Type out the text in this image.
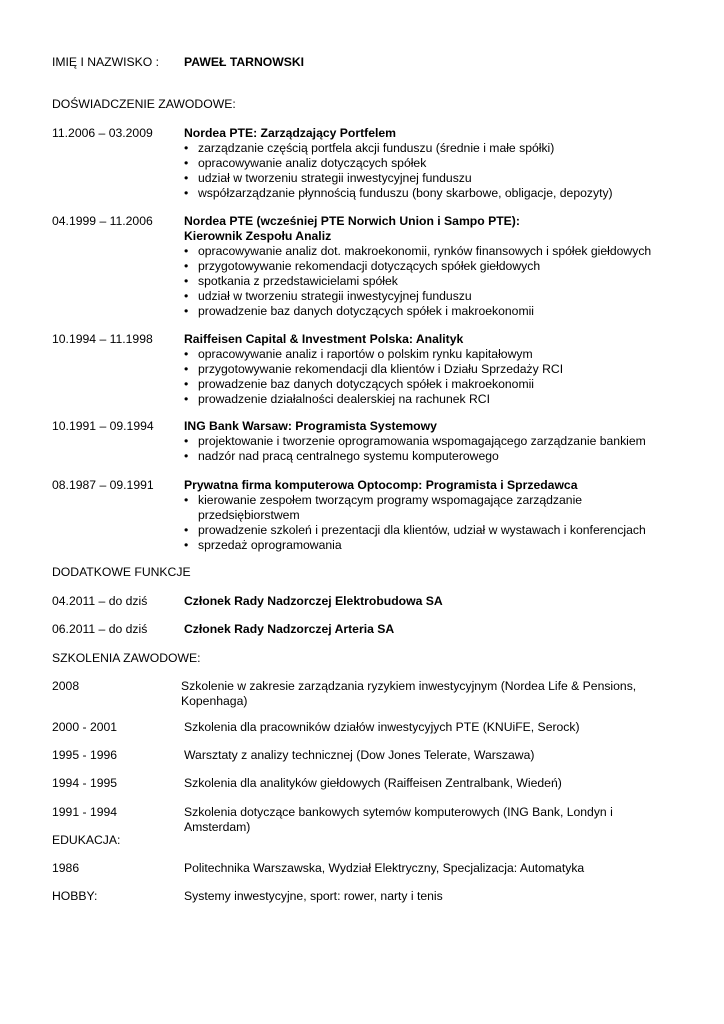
IMIĘ I NAZWISKO : PAWEŁ TARNOWSKI
DOŚWIADCZENIE ZAWODOWE:
11.2006 – 03.2009	Nordea PTE: Zarządzający Portfelem
• zarządzanie częścią portfela akcji funduszu (średnie i małe spółki)
• opracowywanie analiz dotyczących spółek
• udział w tworzeniu strategii inwestycyjnej funduszu
• współzarządzanie płynnością funduszu (bony skarbowe, obligacje, depozyty)
04.1999 – 11.2006	Nordea PTE (wcześniej PTE Norwich Union i Sampo PTE):
Kierownik Zespołu Analiz
• opracowywanie analiz dot. makroekonomii, rynków finansowych i spółek giełdowych
• przygotowywanie rekomendacji dotyczących spółek giełdowych
• spotkania z przedstawicielami spółek
• udział w tworzeniu strategii inwestycyjnej funduszu
• prowadzenie baz danych dotyczących spółek i makroekonomii
10.1994 – 11.1998	Raiffeisen Capital & Investment Polska: Analityk
• opracowywanie analiz i raportów o polskim rynku kapitałowym
• przygotowywanie rekomendacji dla klientów i Działu Sprzedaży RCI
• prowadzenie baz danych dotyczących spółek i makroekonomii
• prowadzenie działalności dealerskiej na rachunek RCI
10.1991 – 09.1994 ING Bank Warsaw: Programista Systemowy
• projektowanie i tworzenie oprogramowania wspomagającego zarządzanie bankiem
• nadzór nad pracą centralnego systemu komputerowego
08.1987 – 09.1991 Prywatna firma komputerowa Optocomp: Programista i Sprzedawca
• kierowanie zespołem tworzącym programy wspomagające zarządzanie przedsiębiorstwem
• prowadzenie szkoleń i prezentacji dla klientów, udział w wystawach i konferencjach
• sprzedaż oprogramowania
DODATKOWE FUNKCJE
04.2011 – do dziś	Członek Rady Nadzorczej Elektrobudowa SA
06.2011 – do dziś	Członek Rady Nadzorczej Arteria SA
SZKOLENIA ZAWODOWE:
2008	Szkolenie w zakresie zarządzania ryzykiem inwestycyjnym (Nordea Life & Pensions, Kopenhaga)
2000 - 2001	Szkolenia dla pracowników działów inwestycyjych PTE (KNUiFE, Serock)
1995 - 1996	Warsztaty z analizy technicznej (Dow Jones Telerate, Warszawa)
1994 - 1995	Szkolenia dla analityków giełdowych (Raiffeisen Zentralbank, Wiedeń)
1991 - 1994	Szkolenia dotyczące bankowych sytemów komputerowych (ING Bank, Londyn i Amsterdam)
EDUKACJA:
1986	Politechnika Warszawska, Wydział Elektryczny, Specjalizacja: Automatyka
HOBBY:	Systemy inwestycyjne, sport: rower, narty i tenis
